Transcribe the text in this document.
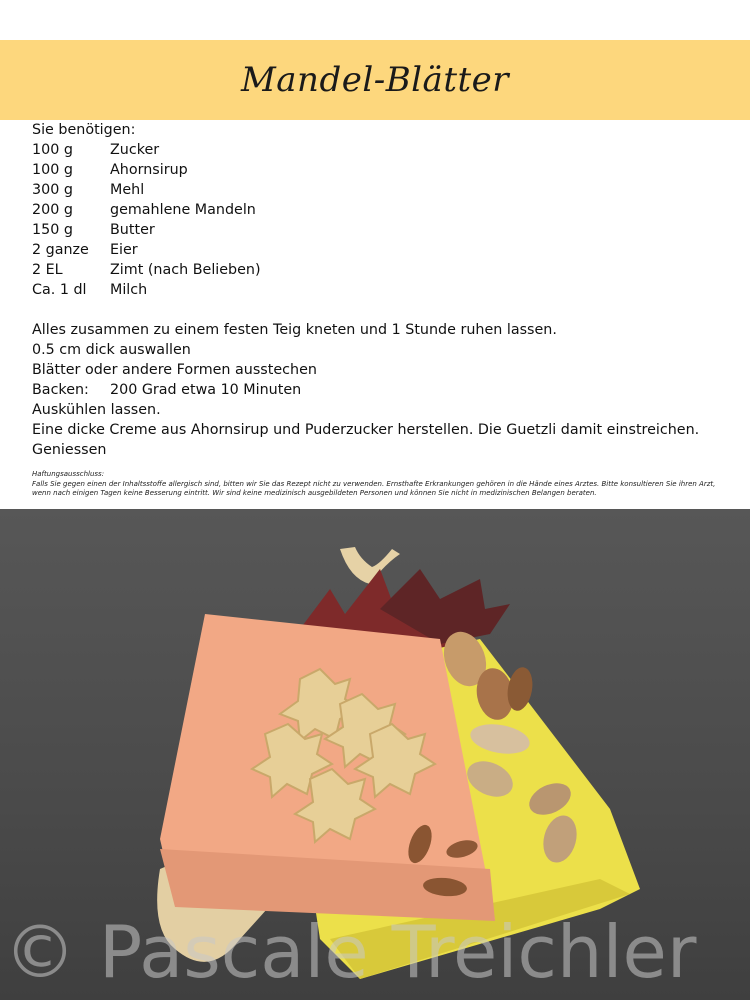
Mandel-Blätter
Sie benötigen:
100 g	Zucker
100 g	Ahornsirup
300 g	Mehl
200 g	gemahlene Mandeln
150 g	Butter
2 ganze	Eier
2 EL	Zimt (nach Belieben)
Ca. 1 dl	Milch
Alles zusammen zu einem festen Teig kneten und 1 Stunde ruhen lassen.
0.5 cm dick auswallen
Blätter oder andere Formen ausstechen
Backen: 200 Grad etwa 10 Minuten
Auskühlen lassen.
Eine dicke Creme aus Ahornsirup und Puderzucker herstellen. Die Guetzli damit einstreichen.
Geniessen
Haftungsausschluss:
Falls Sie gegen einen der Inhaltsstoffe allergisch sind, bitten wir Sie das Rezept nicht zu verwenden. Ernsthafte Erkrankungen gehören in die Hände eines Arztes. Bitte konsultieren Sie ihren Arzt, wenn nach einigen Tagen keine Besserung eintritt. Wir sind keine medizinisch ausgebildeten Personen und können Sie nicht in medizinischen Belangen beraten.
© Pascale Treichler
